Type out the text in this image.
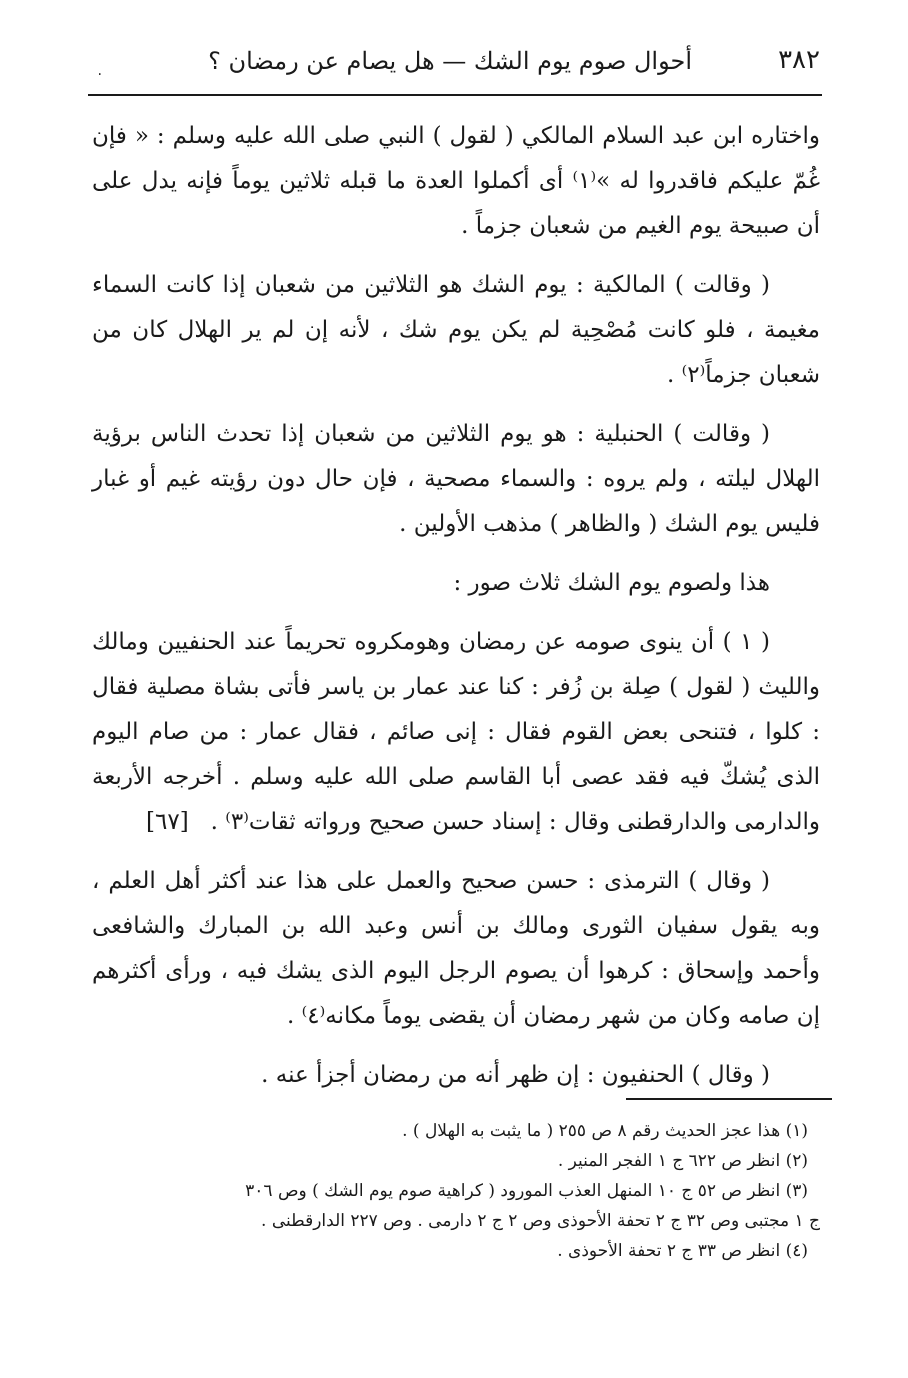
٣٨٢
أحوال صوم يوم الشك — هل يصام عن رمضان ؟
٠

واختاره ابن عبد السلام المالكي ( لقول ) النبي صلى الله عليه وسلم : « فإن غُمّ عليكم فاقدروا له »⁽١⁾ أى أكملوا العدة ما قبله ثلاثين يوماً فإنه يدل على أن صبيحة يوم الغيم من شعبان جزماً .

( وقالت ) المالكية : يوم الشك هو الثلاثين من شعبان إذا كانت السماء مغيمة ، فلو كانت مُصْحِية لم يكن يوم شك ، لأنه إن لم ير الهلال كان من شعبان جزماً⁽٢⁾ .

( وقالت ) الحنبلية : هو يوم الثلاثين من شعبان إذا تحدث الناس برؤية الهلال ليلته ، ولم يروه : والسماء مصحية ، فإن حال دون رؤيته غيم أو غبار فليس يوم الشك ( والظاهر ) مذهب الأولين .

هذا ولصوم يوم الشك ثلاث صور :

( ١ ) أن ينوى صومه عن رمضان وهومكروه تحريماً عند الحنفيين ومالك والليث ( لقول ) صِلة بن زُفر : كنا عند عمار بن ياسر فأتى بشاة مصلية فقال : كلوا ، فتنحى بعض القوم فقال : إنى صائم ، فقال عمار : من صام اليوم الذى يُشكّ فيه فقد عصى أبا القاسم صلى الله عليه وسلم . أخرجه الأربعة والدارمى والدارقطنى وقال : إسناد حسن صحيح ورواته ثقات⁽٣⁾ .
[٦٧]

( وقال ) الترمذى : حسن صحيح والعمل على هذا عند أكثر أهل العلم ، وبه يقول سفيان الثورى ومالك بن أنس وعبد الله بن المبارك والشافعى وأحمد وإسحاق : كرهوا أن يصوم الرجل اليوم الذى يشك فيه ، ورأى أكثرهم إن صامه وكان من شهر رمضان أن يقضى يوماً مكانه⁽٤⁾ .

( وقال ) الحنفيون : إن ظهر أنه من رمضان أجزأ عنه .

(١) هذا عجز الحديث رقم ٨ ص ٢٥٥ ( ما يثبت به الهلال ) .

(٢) انظر ص ٦٢٢ ج ١ الفجر المنير .

(٣) انظر ص ٥٢ ج ١٠ المنهل العذب المورود ( كراهية صوم يوم الشك ) وص ٣٠٦

ج ١ مجتبى وص ٣٢ ج ٢ تحفة الأحوذى وص ٢ ج ٢ دارمى . وص ٢٢٧ الدارقطنى .

(٤) انظر ص ٣٣ ج ٢ تحفة الأحوذى .
